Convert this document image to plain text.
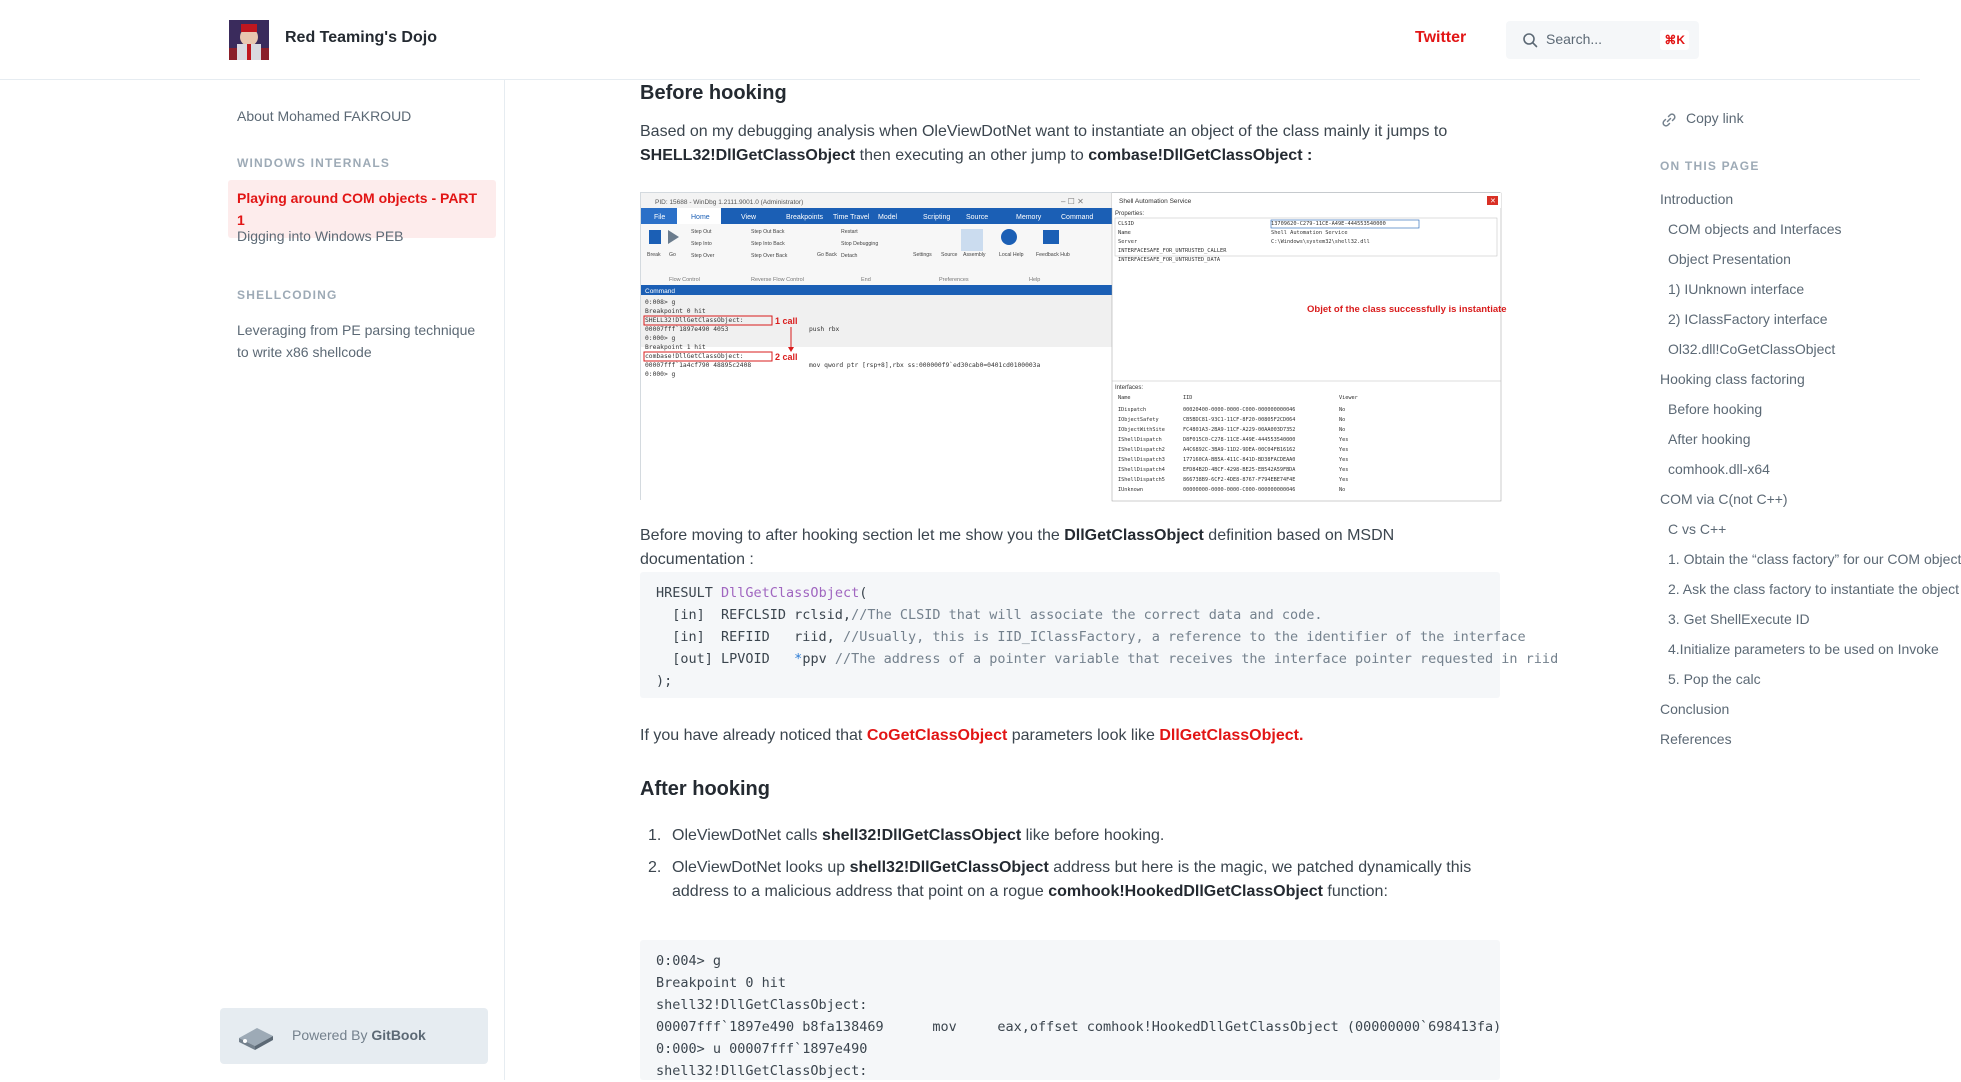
Red Teaming's Dojo	Twitter	Search...	⌘K
About Mohamed FAKROUD
WINDOWS INTERNALS
Playing around COM objects - PART 1
Digging into Windows PEB
SHELLCODING
Leveraging from PE parsing technique to write x86 shellcode
Powered By GitBook
Before hooking
Based on my debugging analysis when OleViewDotNet want to instantiate an object of the class mainly it jumps to SHELL32!DllGetClassObject then executing an other jump to combase!DllGetClassObject :
PID: 15688 - WinDbg 1.2111.9001.0 (Administrator)	– ☐ ✕
File	Home	View	Breakpoints Time Travel Model	Scripting Source	Memory	Command
Break Go
Step Out
Step Into
Step Over
Step Out Back
Step Into Back
Step Over Back	Go Back
Restart
Stop Debugging
Detach	Settings Source Assembly	Local Help Feedback Hub
Flow Control	Reverse Flow Control	End	Preferences	Help
Command
0:008> g
Breakpoint 0 hit
SHELL32!DllGetClassObject:
00007fff`1897e490 4053
0:000> g
Breakpoint 1 hit
combase!DllGetClassObject:
00007fff`1a4cf790 48895c2408
0:000> g
push rbx
mov qword ptr [rsp+8],rbx ss:000000f9`ed30cab0=0401cd0100003a
1 call
2 call
Shell Automation Service	✕
Properties:
CLSID	13709620-C279-11CE-A49E-444553540000
Name	Shell Automation Service
Server	C:\Windows\system32\shell32.dll
INTERFACESAFE_FOR_UNTRUSTED_CALLER
INTERFACESAFE_FOR_UNTRUSTED_DATA
Objet of the class successfully is instantiate
Interfaces:
Name	IID	Viewer
IDispatch	00020400-0000-0000-C000-000000000046	No
IObjectSafety	CB5BDC81-93C1-11CF-8F20-00805F2CD064	No
IObjectWithSite	FC4801A3-2BA9-11CF-A229-00AA003D7352	No
IShellDispatch	D8F015C0-C278-11CE-A49E-444553540000	Yes
IShellDispatch2	A4C6892C-3BA9-11D2-9DEA-00C04FB16162	Yes
IShellDispatch3	177160CA-BB5A-411C-841D-BD38FACDEAA0	Yes
IShellDispatch4	EFD84B2D-4BCF-4298-BE25-EB542A59FBDA	Yes
IShellDispatch5	866738B9-6CF2-4DE8-8767-F794EBE74F4E	Yes
IUnknown	00000000-0000-0000-C000-000000000046	No
Before moving to after hooking section let me show you the DllGetClassObject definition based on MSDN documentation :
HRESULT DllGetClassObject(
[in]  REFCLSID rclsid,//The CLSID that will associate the correct data and code.
[in]  REFIID   riid, //Usually, this is IID_IClassFactory, a reference to the identifier of the interface
[out] LPVOID   *ppv //The address of a pointer variable that receives the interface pointer requested in riid
);
If you have already noticed that CoGetClassObject parameters look like DllGetClassObject.
After hooking
1. OleViewDotNet calls shell32!DllGetClassObject like before hooking.
2. OleViewDotNet looks up shell32!DllGetClassObject address but here is the magic, we patched dynamically this address to a malicious address that point on a rogue comhook!HookedDllGetClassObject function:
0:004> g
Breakpoint 0 hit
shell32!DllGetClassObject:
00007fff`1897e490 b8fa138469      mov     eax,offset comhook!HookedDllGetClassObject (00000000`698413fa)
0:000> u 00007fff`1897e490
shell32!DllGetClassObject:
Copy link
ON THIS PAGE
Introduction
COM objects and Interfaces
Object Presentation
1) IUnknown interface
2) IClassFactory interface
Ol32.dll!CoGetClassObject
Hooking class factoring
Before hooking
After hooking
comhook.dll-x64
COM via C(not C++)
C vs C++
1. Obtain the “class factory” for our COM object
2. Ask the class factory to instantiate the object
3. Get ShellExecute ID
4.Initialize parameters to be used on Invoke
5. Pop the calc
Conclusion
References
